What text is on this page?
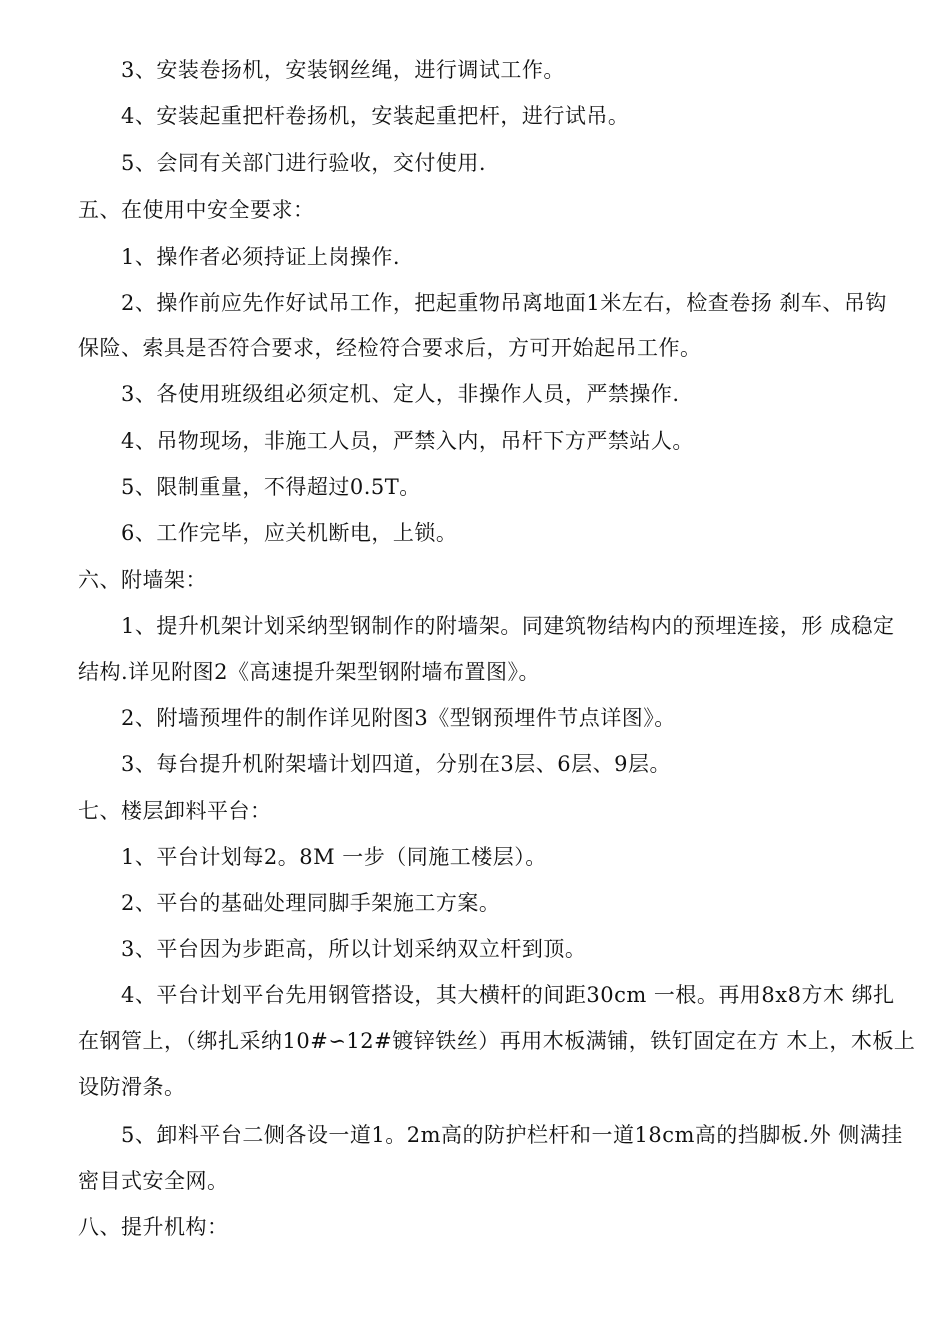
3、安装卷扬机，安装钢丝绳，进行调试工作。
4、安装起重把杆卷扬机，安装起重把杆，进行试吊。
5、会同有关部门进行验收，交付使用.
五、在使用中安全要求：
1、操作者必须持证上岗操作.
2、操作前应先作好试吊工作，把起重物吊离地面1米左右，检查卷扬 刹车、吊钩
保险、索具是否符合要求，经检符合要求后，方可开始起吊工作。
3、各使用班级组必须定机、定人，非操作人员，严禁操作.
4、吊物现场，非施工人员，严禁入内，吊杆下方严禁站人。
5、限制重量，不得超过0.5T。
6、工作完毕，应关机断电，上锁。
六、附墙架：
1、提升机架计划采纳型钢制作的附墙架。同建筑物结构内的预埋连接，形 成稳定
结构.详见附图2《高速提升架型钢附墙布置图》。
2、附墙预埋件的制作详见附图3《型钢预埋件节点详图》。
3、每台提升机附架墙计划四道，分别在3层、6层、9层。
七、楼层卸料平台：
1、平台计划每2。8M 一步（同施工楼层）。
2、平台的基础处理同脚手架施工方案。
3、平台因为步距高，所以计划采纳双立杆到顶。
4、平台计划平台先用钢管搭设，其大横杆的间距30cm 一根。再用8x8方木 绑扎
在钢管上，（绑扎采纳10#∽12#镀锌铁丝）再用木板满铺，铁钉固定在方 木上，木板上
设防滑条。
5、卸料平台二侧各设一道1。2m高的防护栏杆和一道18cm高的挡脚板.外 侧满挂
密目式安全网。
八、提升机构：
